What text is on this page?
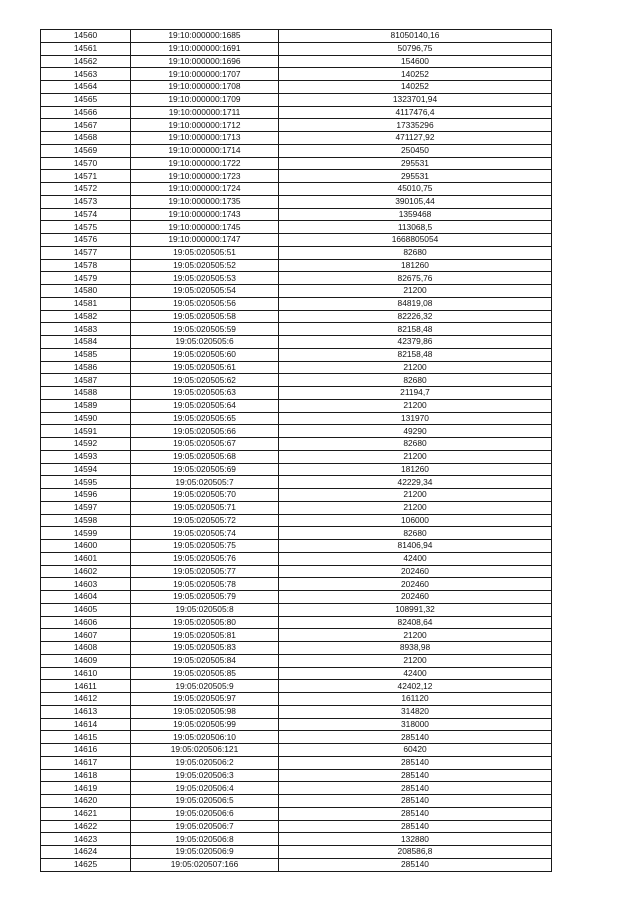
14560	19:10:000000:1685	81050140,16
14561	19:10:000000:1691	50796,75
14562	19:10:000000:1696	154600
14563	19:10:000000:1707	140252
14564	19:10:000000:1708	140252
14565	19:10:000000:1709	1323701,94
14566	19:10:000000:1711	4117476,4
14567	19:10:000000:1712	17335296
14568	19:10:000000:1713	471127,92
14569	19:10:000000:1714	250450
14570	19:10:000000:1722	295531
14571	19:10:000000:1723	295531
14572	19:10:000000:1724	45010,75
14573	19:10:000000:1735	390105,44
14574	19:10:000000:1743	1359468
14575	19:10:000000:1745	113068,5
14576	19:10:000000:1747	1668805054
14577	19:05:020505:51	82680
14578	19:05:020505:52	181260
14579	19:05:020505:53	82675,76
14580	19:05:020505:54	21200
14581	19:05:020505:56	84819,08
14582	19:05:020505:58	82226,32
14583	19:05:020505:59	82158,48
14584	19:05:020505:6	42379,86
14585	19:05:020505:60	82158,48
14586	19:05:020505:61	21200
14587	19:05:020505:62	82680
14588	19:05:020505:63	21194,7
14589	19:05:020505:64	21200
14590	19:05:020505:65	131970
14591	19:05:020505:66	49290
14592	19:05:020505:67	82680
14593	19:05:020505:68	21200
14594	19:05:020505:69	181260
14595	19:05:020505:7	42229,34
14596	19:05:020505:70	21200
14597	19:05:020505:71	21200
14598	19:05:020505:72	106000
14599	19:05:020505:74	82680
14600	19:05:020505:75	81406,94
14601	19:05:020505:76	42400
14602	19:05:020505:77	202460
14603	19:05:020505:78	202460
14604	19:05:020505:79	202460
14605	19:05:020505:8	108991,32
14606	19:05:020505:80	82408,64
14607	19:05:020505:81	21200
14608	19:05:020505:83	8938,98
14609	19:05:020505:84	21200
14610	19:05:020505:85	42400
14611	19:05:020505:9	42402,12
14612	19:05:020505:97	161120
14613	19:05:020505:98	314820
14614	19:05:020505:99	318000
14615	19:05:020506:10	285140
14616	19:05:020506:121	60420
14617	19:05:020506:2	285140
14618	19:05:020506:3	285140
14619	19:05:020506:4	285140
14620	19:05:020506:5	285140
14621	19:05:020506:6	285140
14622	19:05:020506:7	285140
14623	19:05:020506:8	132880
14624	19:05:020506:9	208586,8
14625	19:05:020507:166	285140
